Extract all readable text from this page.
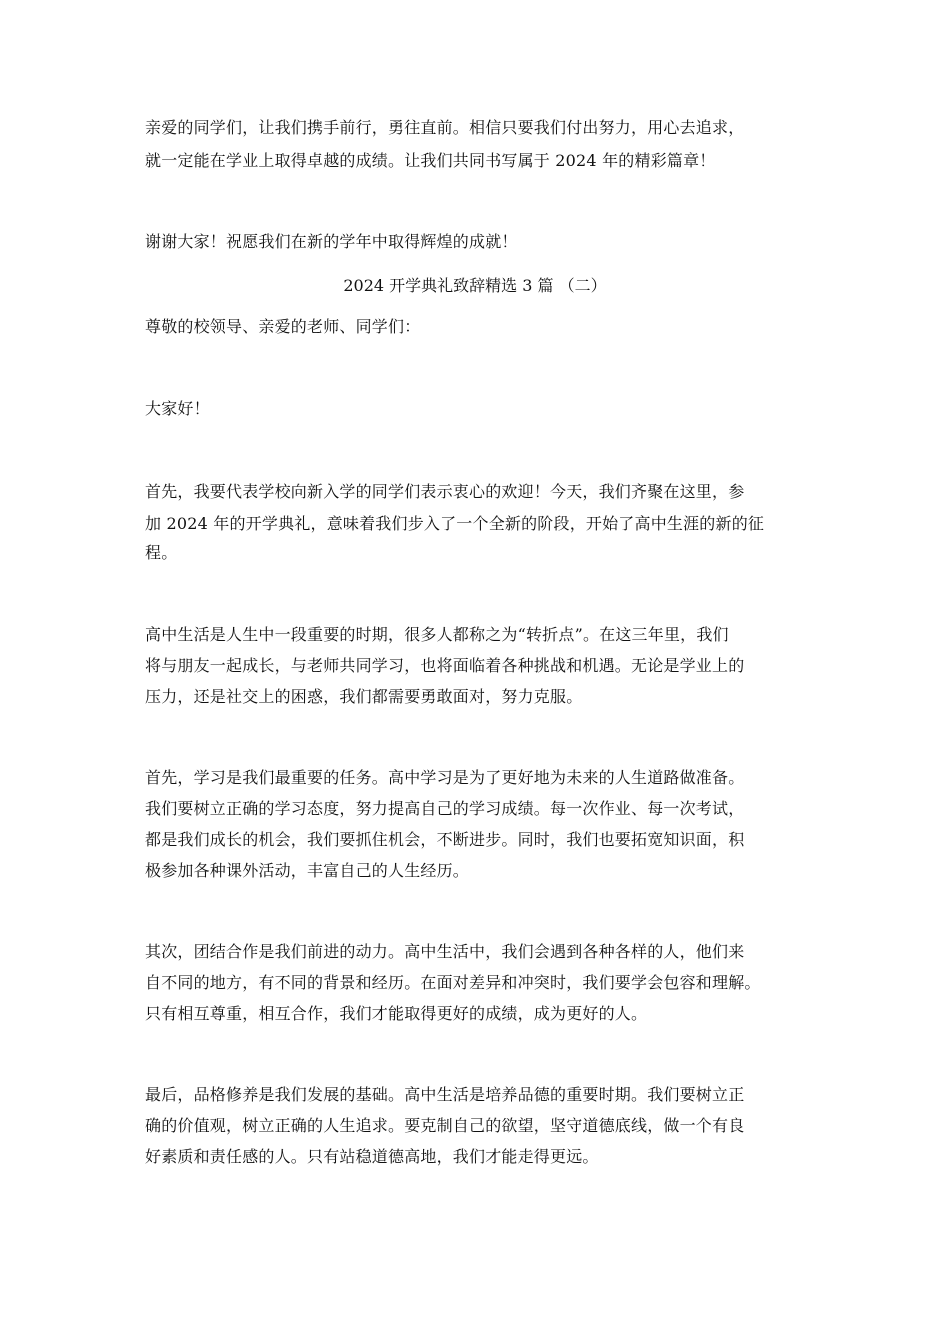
亲爱的同学们，让我们携手前行，勇往直前。相信只要我们付出努力，用心去追求，
就一定能在学业上取得卓越的成绩。让我们共同书写属于 2024 年的精彩篇章！
谢谢大家！祝愿我们在新的学年中取得辉煌的成就！
2024 开学典礼致辞精选 3 篇 （二）
尊敬的校领导、亲爱的老师、同学们：
大家好！
首先，我要代表学校向新入学的同学们表示衷心的欢迎！今天，我们齐聚在这里，参
加 2024 年的开学典礼，意味着我们步入了一个全新的阶段，开始了高中生涯的新的征
程。
高中生活是人生中一段重要的时期，很多人都称之为“转折点”。在这三年里，我们
将与朋友一起成长，与老师共同学习，也将面临着各种挑战和机遇。无论是学业上的
压力，还是社交上的困惑，我们都需要勇敢面对，努力克服。
首先，学习是我们最重要的任务。高中学习是为了更好地为未来的人生道路做准备。
我们要树立正确的学习态度，努力提高自己的学习成绩。每一次作业、每一次考试，
都是我们成长的机会，我们要抓住机会，不断进步。同时，我们也要拓宽知识面，积
极参加各种课外活动，丰富自己的人生经历。
其次，团结合作是我们前进的动力。高中生活中，我们会遇到各种各样的人，他们来
自不同的地方，有不同的背景和经历。在面对差异和冲突时，我们要学会包容和理解。
只有相互尊重，相互合作，我们才能取得更好的成绩，成为更好的人。
最后，品格修养是我们发展的基础。高中生活是培养品德的重要时期。我们要树立正
确的价值观，树立正确的人生追求。要克制自己的欲望，坚守道德底线，做一个有良
好素质和责任感的人。只有站稳道德高地，我们才能走得更远。
